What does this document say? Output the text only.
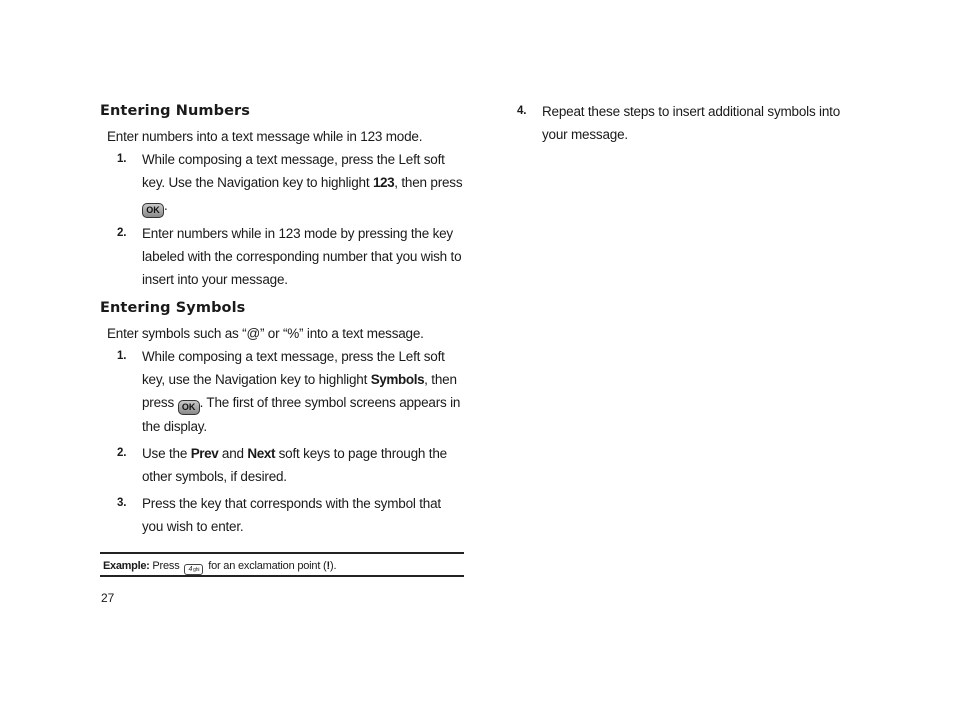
Entering Numbers

Enter numbers into a text message while in 123 mode.

1. While composing a text message, press the Left soft key. Use the Navigation key to highlight 123, then press OK .
2. Enter numbers while in 123 mode by pressing the key labeled with the corresponding number that you wish to insert into your message.
Entering Symbols

Enter symbols such as “@” or “%” into a text message.

1. While composing a text message, press the Left soft key, use the Navigation key to highlight Symbols, then press OK . The first of three symbol screens appears in the display.
2. Use the Prev and Next soft keys to page through the other symbols, if desired.
3. Press the key that corresponds with the symbol that you wish to enter.
Example: Press 4ghi for an exclamation point (!).
4. Repeat these steps to insert additional symbols into your message.
27
